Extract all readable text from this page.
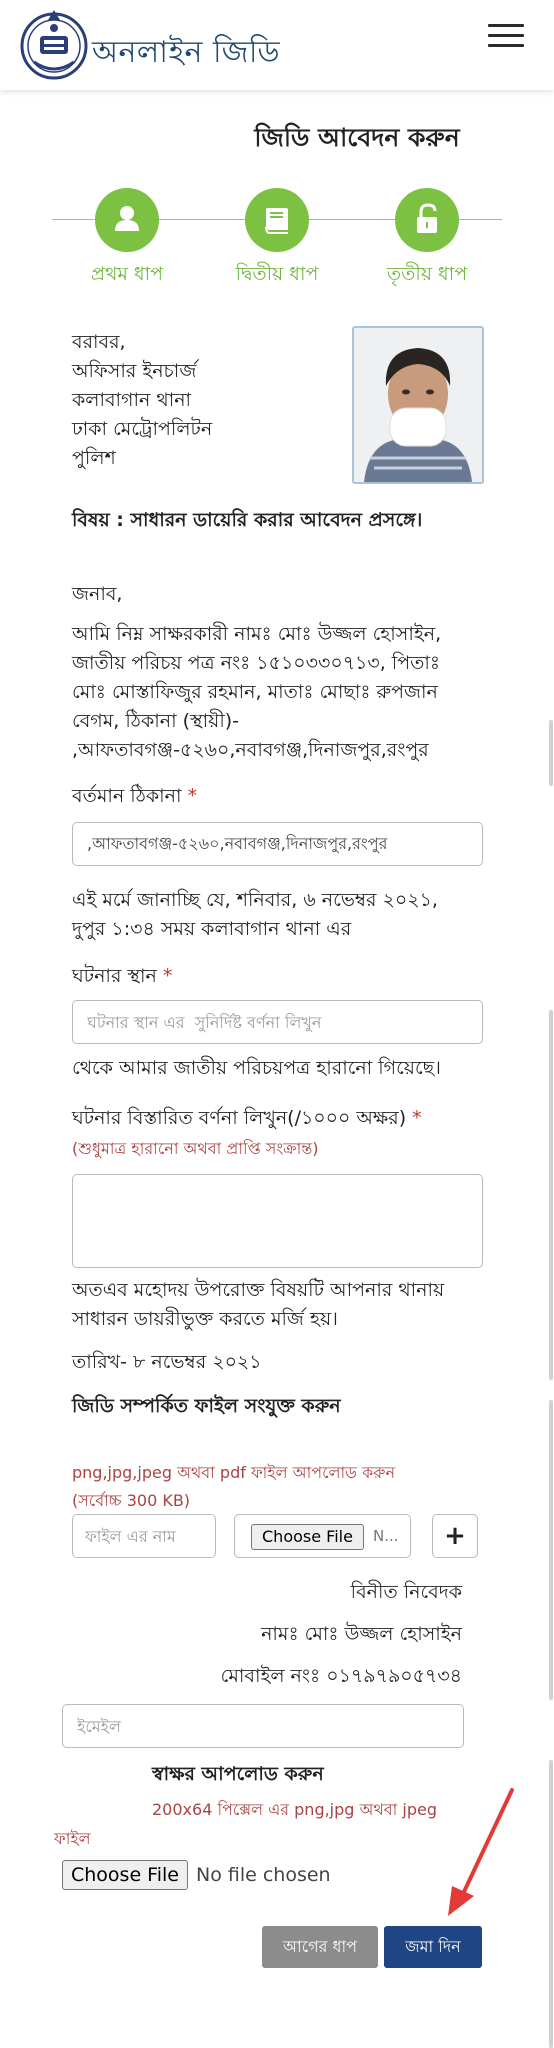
অনলাইন জিডি
জিডি আবেদন করুন
প্রথম ধাপ	দ্বিতীয় ধাপ	তৃতীয় ধাপ
বরাবর,
অফিসার ইনচার্জ
কলাবাগান থানা
ঢাকা মেট্রোপলিটন
পুলিশ
বিষয় : সাধারন ডায়েরি করার আবেদন প্রসঙ্গে।
জনাব,
আমি নিম্ন সাক্ষরকারী নামঃ মোঃ উজ্জল হোসাইন,
জাতীয় পরিচয় পত্র নংঃ ১৫১০৩৩০৭১৩, পিতাঃ
মোঃ মোস্তাফিজুর রহমান, মাতাঃ মোছাঃ রুপজান
বেগম, ঠিকানা (স্থায়ী)-
,আফতাবগঞ্জ-৫২৬০,নবাবগঞ্জ,দিনাজপুর,রংপুর
বর্তমান ঠিকানা *
,আফতাবগঞ্জ-৫২৬০,নবাবগঞ্জ,দিনাজপুর,রংপুর
এই মর্মে জানাচ্ছি যে, শনিবার, ৬ নভেম্বর ২০২১,
দুপুর ১:৩৪ সময় কলাবাগান থানা এর
ঘটনার স্থান *
ঘটনার স্থান এর সুনির্দিষ্ট বর্ণনা লিখুন
থেকে আমার জাতীয় পরিচয়পত্র হারানো গিয়েছে।
ঘটনার বিস্তারিত বর্ণনা লিখুন(/১০০০ অক্ষর) *
(শুধুমাত্র হারানো অথবা প্রাপ্তি সংক্রান্ত)
অতএব মহোদয় উপরোক্ত বিষয়টি আপনার থানায়
সাধারন ডায়রীভুক্ত করতে মর্জি হয়।
তারিখ- ৮ নভেম্বর ২০২১
জিডি সম্পর্কিত ফাইল সংযুক্ত করুন
png,jpg,jpeg অথবা pdf ফাইল আপলোড করুন
(সর্বোচ্চ 300 KB)
ফাইল এর নাম
Choose File	N...	+
বিনীত নিবেদক
নামঃ মোঃ উজ্জল হোসাইন
মোবাইল নংঃ ০১৭৯৭৯০৫৭৩৪
ইমেইল
স্বাক্ষর আপলোড করুন
200x64 পিক্সেল এর png,jpg অথবা jpeg
ফাইল
Choose File No file chosen
আগের ধাপ	জমা দিন
